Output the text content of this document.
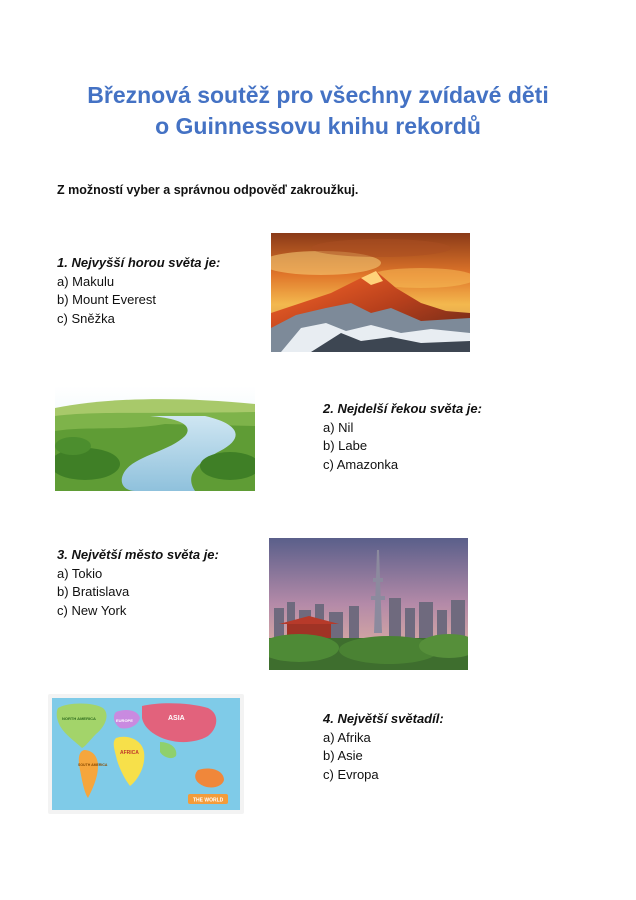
Březnová soutěž pro všechny zvídavé děti
o Guinnessovu knihu rekordů

Z možností vyber a správnou odpověď zakroužkuj.

1. Nejvyšší horou světa je:
a) Makulu
b) Mount Everest
c) Sněžka
2. Nejdelší řekou světa je:
a) Nil
b) Labe
c) Amazonka
3. Největší město světa je:
a) Tokio
b) Bratislava
c) New York
ASIA
AFRICA
EUROPE
NORTH AMERICA
SOUTH AMERICA
THE WORLD
4. Největší světadíl:
a) Afrika
b) Asie
c) Evropa
